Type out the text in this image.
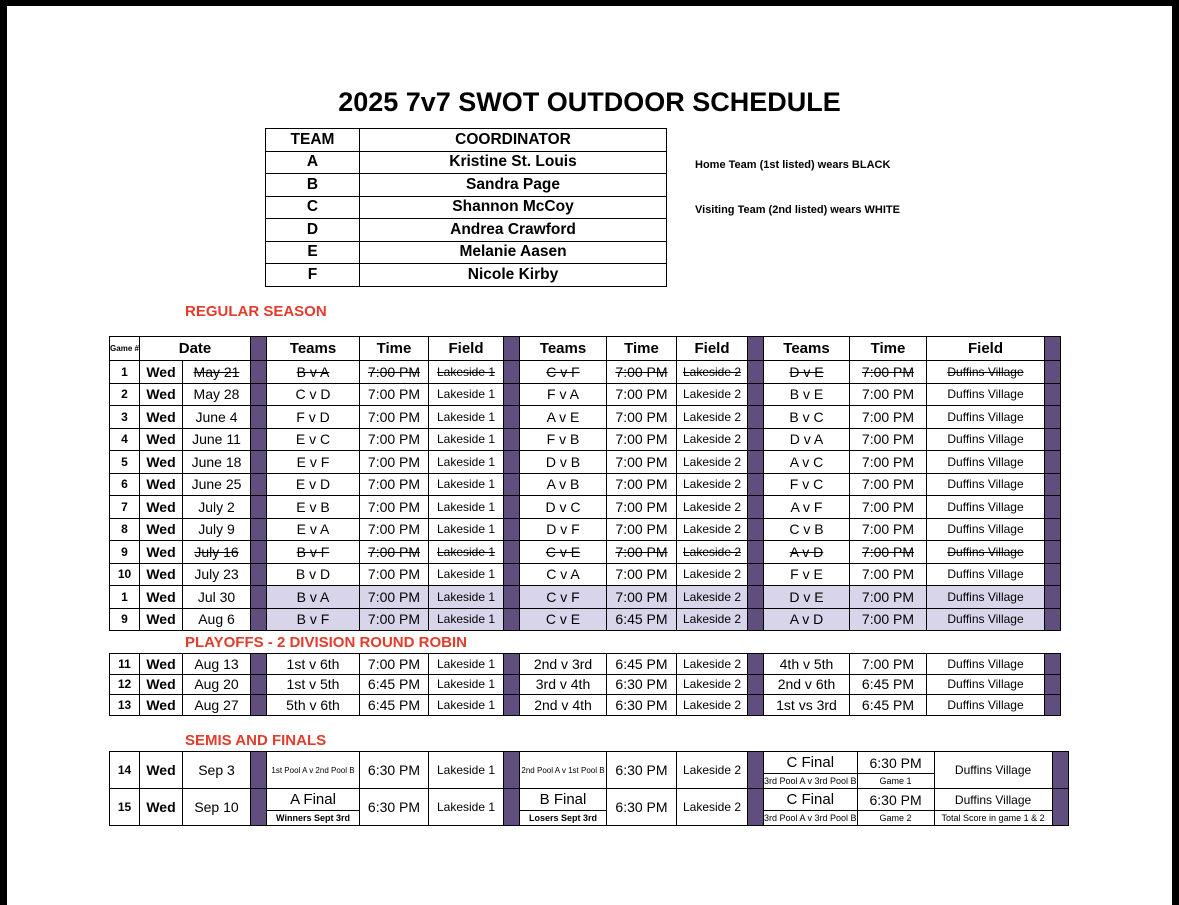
2025 7v7 SWOT OUTDOOR SCHEDULE
TEAM	COORDINATOR
A	Kristine St. Louis
B	Sandra Page
C	Shannon McCoy
D	Andrea Crawford
E	Melanie Aasen
F	Nicole Kirby
Home Team (1st listed) wears BLACK
Visiting Team (2nd listed) wears WHITE
REGULAR SEASON
Game #	Date			Teams	Time	Field		Teams	Time	Field		Teams	Time	Field	
1	Wed	May 21		B v A	7:00 PM	Lakeside 1		C v F	7:00 PM	Lakeside 2		D v E	7:00 PM	Duffins Village	
2	Wed	May 28		C v D	7:00 PM	Lakeside 1		F v A	7:00 PM	Lakeside 2		B v E	7:00 PM	Duffins Village	
3	Wed	June 4		F v D	7:00 PM	Lakeside 1		A v E	7:00 PM	Lakeside 2		B v C	7:00 PM	Duffins Village	
4	Wed	June 11		E v C	7:00 PM	Lakeside 1		F v B	7:00 PM	Lakeside 2		D v A	7:00 PM	Duffins Village	
5	Wed	June 18		E v F	7:00 PM	Lakeside 1		D v B	7:00 PM	Lakeside 2		A v C	7:00 PM	Duffins Village	
6	Wed	June 25		E v D	7:00 PM	Lakeside 1		A v B	7:00 PM	Lakeside 2		F v C	7:00 PM	Duffins Village	
7	Wed	July 2		E v B	7:00 PM	Lakeside 1		D v C	7:00 PM	Lakeside 2		A v F	7:00 PM	Duffins Village	
8	Wed	July 9		E v A	7:00 PM	Lakeside 1		D v F	7:00 PM	Lakeside 2		C v B	7:00 PM	Duffins Village	
9	Wed	July 16		B v F	7:00 PM	Lakeside 1		C v E	7:00 PM	Lakeside 2		A v D	7:00 PM	Duffins Village	
10	Wed	July 23		B v D	7:00 PM	Lakeside 1		C v A	7:00 PM	Lakeside 2		F v E	7:00 PM	Duffins Village	
1	Wed	Jul 30		B v A	7:00 PM	Lakeside 1		C v F	7:00 PM	Lakeside 2		D v E	7:00 PM	Duffins Village	
9	Wed	Aug 6		B v F	7:00 PM	Lakeside 1		C v E	6:45 PM	Lakeside 2		A v D	7:00 PM	Duffins Village	
PLAYOFFS - 2 DIVISION ROUND ROBIN
11	Wed	Aug 13		1st v 6th	7:00 PM	Lakeside 1		2nd v 3rd	6:45 PM	Lakeside 2		4th v 5th	7:00 PM	Duffins Village	
12	Wed	Aug 20		1st v 5th	6:45 PM	Lakeside 1		3rd v 4th	6:30 PM	Lakeside 2		2nd v 6th	6:45 PM	Duffins Village	
13	Wed	Aug 27		5th v 6th	6:45 PM	Lakeside 1		2nd v 4th	6:30 PM	Lakeside 2		1st vs 3rd	6:45 PM	Duffins Village	
SEMIS AND FINALS
14	Wed	Sep 3		1st Pool A v 2nd Pool B	6:30 PM	Lakeside 1		2nd Pool A v 1st Pool B	6:30 PM	Lakeside 2		C Final	6:30 PM	Duffins Village	
												3rd Pool A v 3rd Pool B	Game 1		
15	Wed	Sep 10		A Final	6:30 PM	Lakeside 1		B Final	6:30 PM	Lakeside 2		C Final	6:30 PM	Duffins Village	
				Winners Sept 3rd				Losers Sept 3rd				3rd Pool A v 3rd Pool B	Game 2	Total Score in game 1 & 2	
